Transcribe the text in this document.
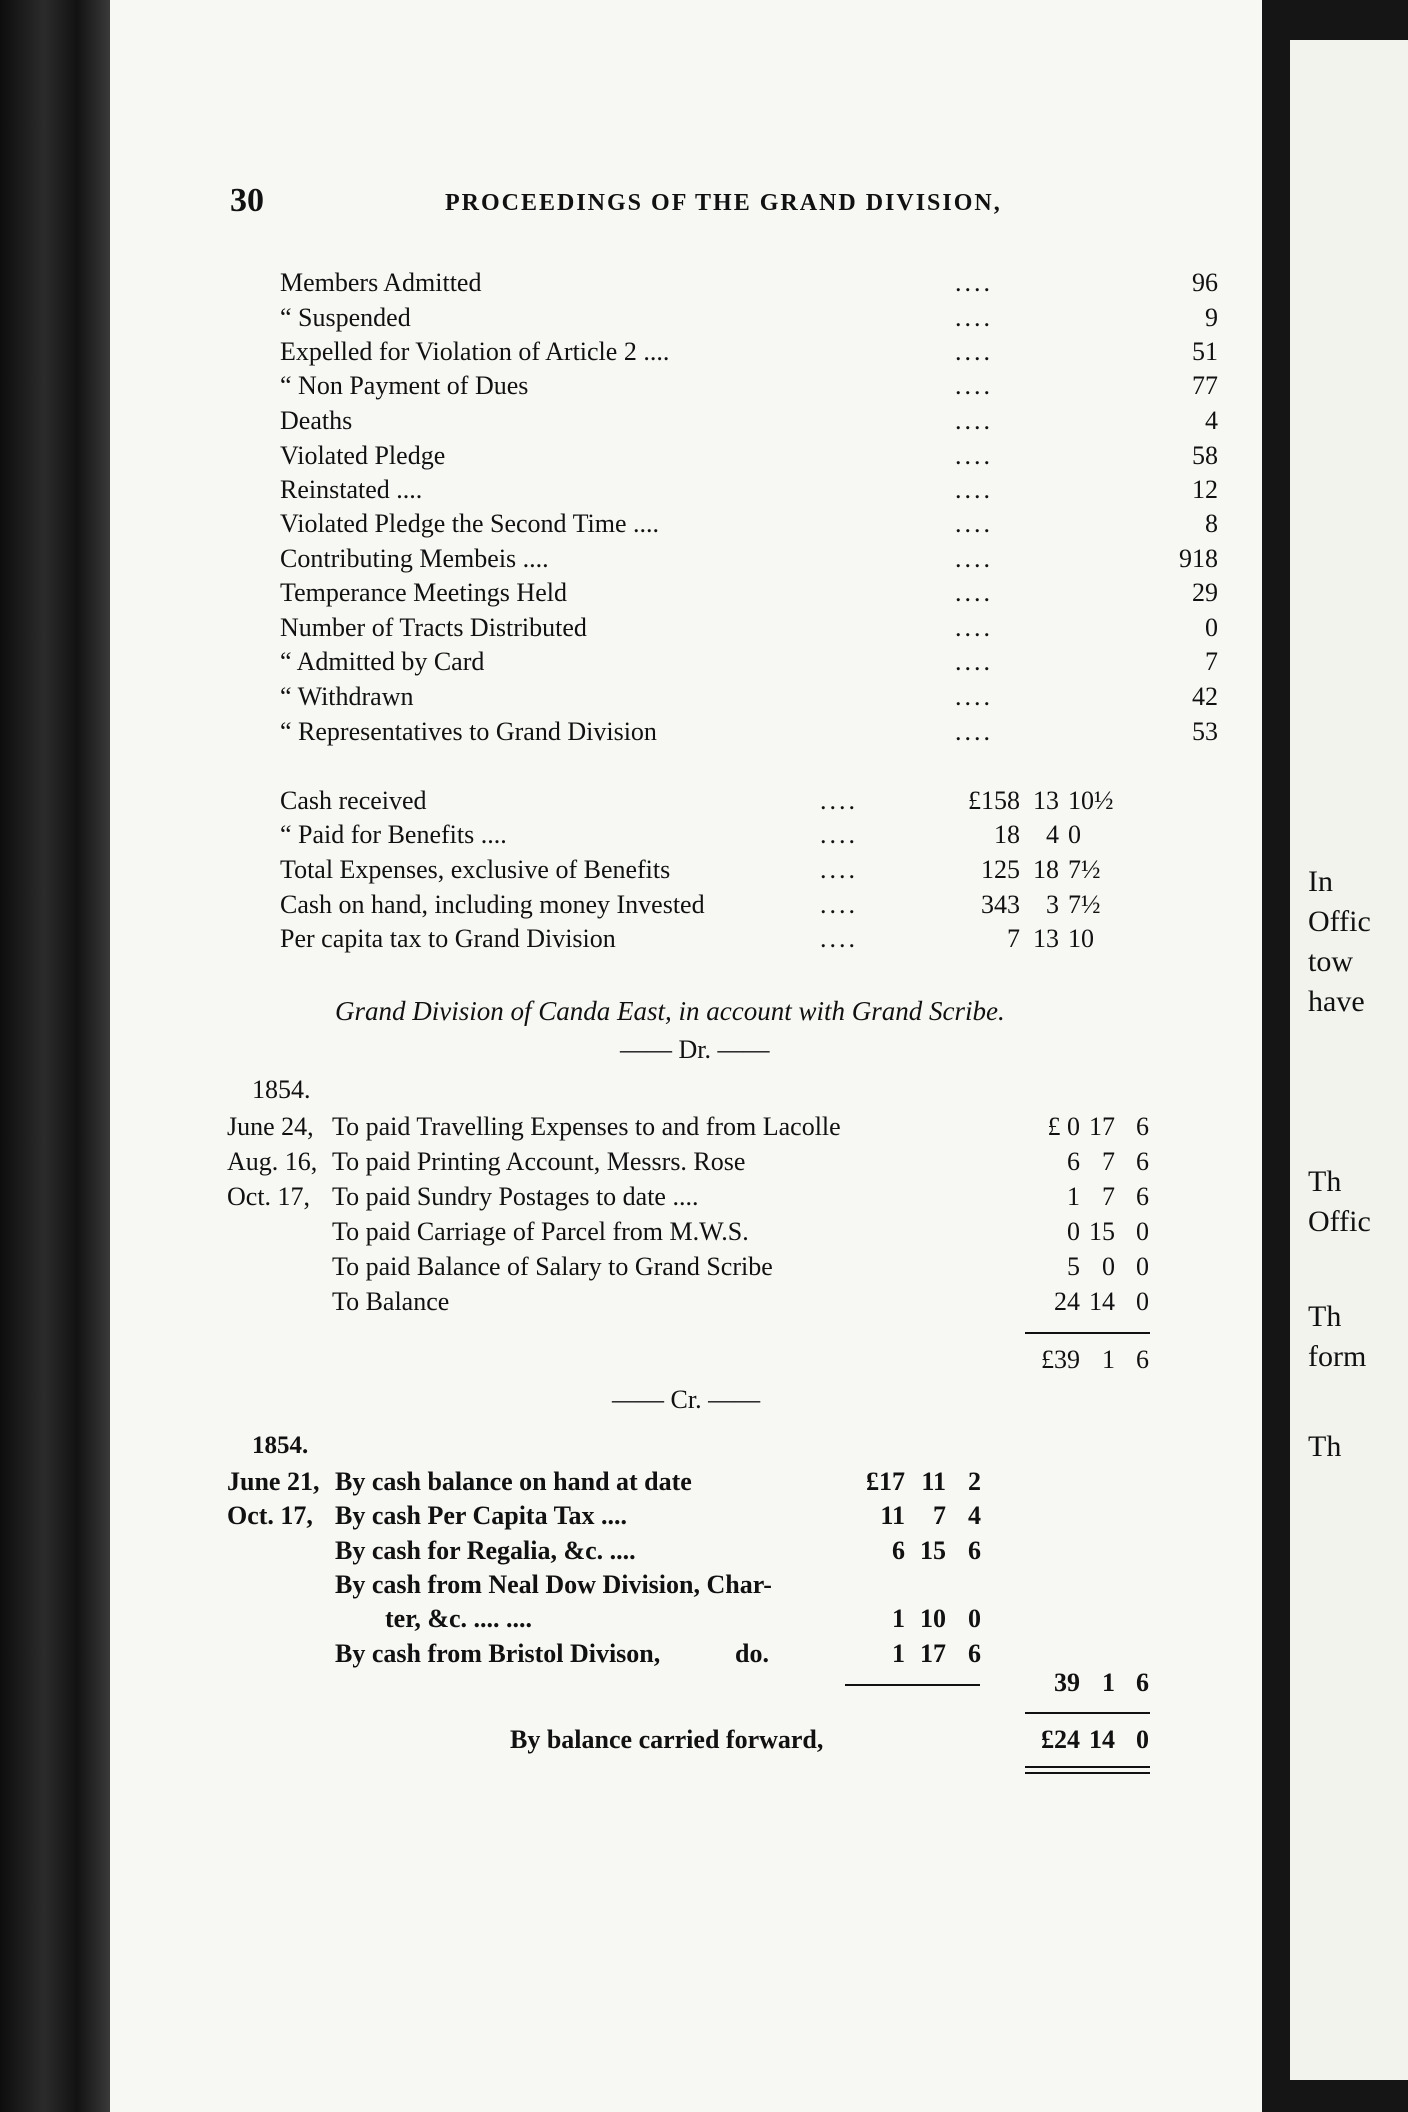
30	PROCEEDINGS OF THE GRAND DIVISION,
Members Admitted	....	96
“ Suspended	....	9
Expelled for Violation of Article 2 ....	....	51
“ Non Payment of Dues	....	77
Deaths	....	4
Violated Pledge	....	58
Reinstated ....	....	12
Violated Pledge the Second Time ....	....	8
Contributing Membeis ....	....	918
Temperance Meetings Held	....	29
Number of Tracts Distributed	....	0
“ Admitted by Card	....	7
“ Withdrawn	....	42
“ Representatives to Grand Division	....	53
Cash received	....	£158 13 10½
“ Paid for Benefits ....	....	18	4 0
Total Expenses, exclusive of Benefits	....	125 18 7½
Cash on hand, including money Invested	....	343	3 7½
Per capita tax to Grand Division	....	7 13 10
Grand Division of Canda East, in account with Grand Scribe.
—— Dr. ——
1854.
June 24, To paid Travelling Expenses to and from Lacolle	£ 0 17 6
Aug. 16, To paid Printing Account, Messrs. Rose	6 7 6
Oct. 17, To paid Sundry Postages to date ....	1 7 6
To paid Carriage of Parcel from M.W.S.	0 15 0
To paid Balance of Salary to Grand Scribe	5 0 0
To Balance	24 14 0
£39 1 6
—— Cr. ——
1854.
June 21, By cash balance on hand at date	£17 11 2
Oct. 17, By cash Per Capita Tax ....	11	7 4
By cash for Regalia, &c. ....	6 15 6
By cash from Neal Dow Division, Char-
ter, &c. .... ....	1 10 0
By cash from Bristol Divison,	do.	1 17 6
39 1 6
By balance carried forward,	£24 14 0
In
Offic
tow
have
Th
Offic
Th
form
Th
